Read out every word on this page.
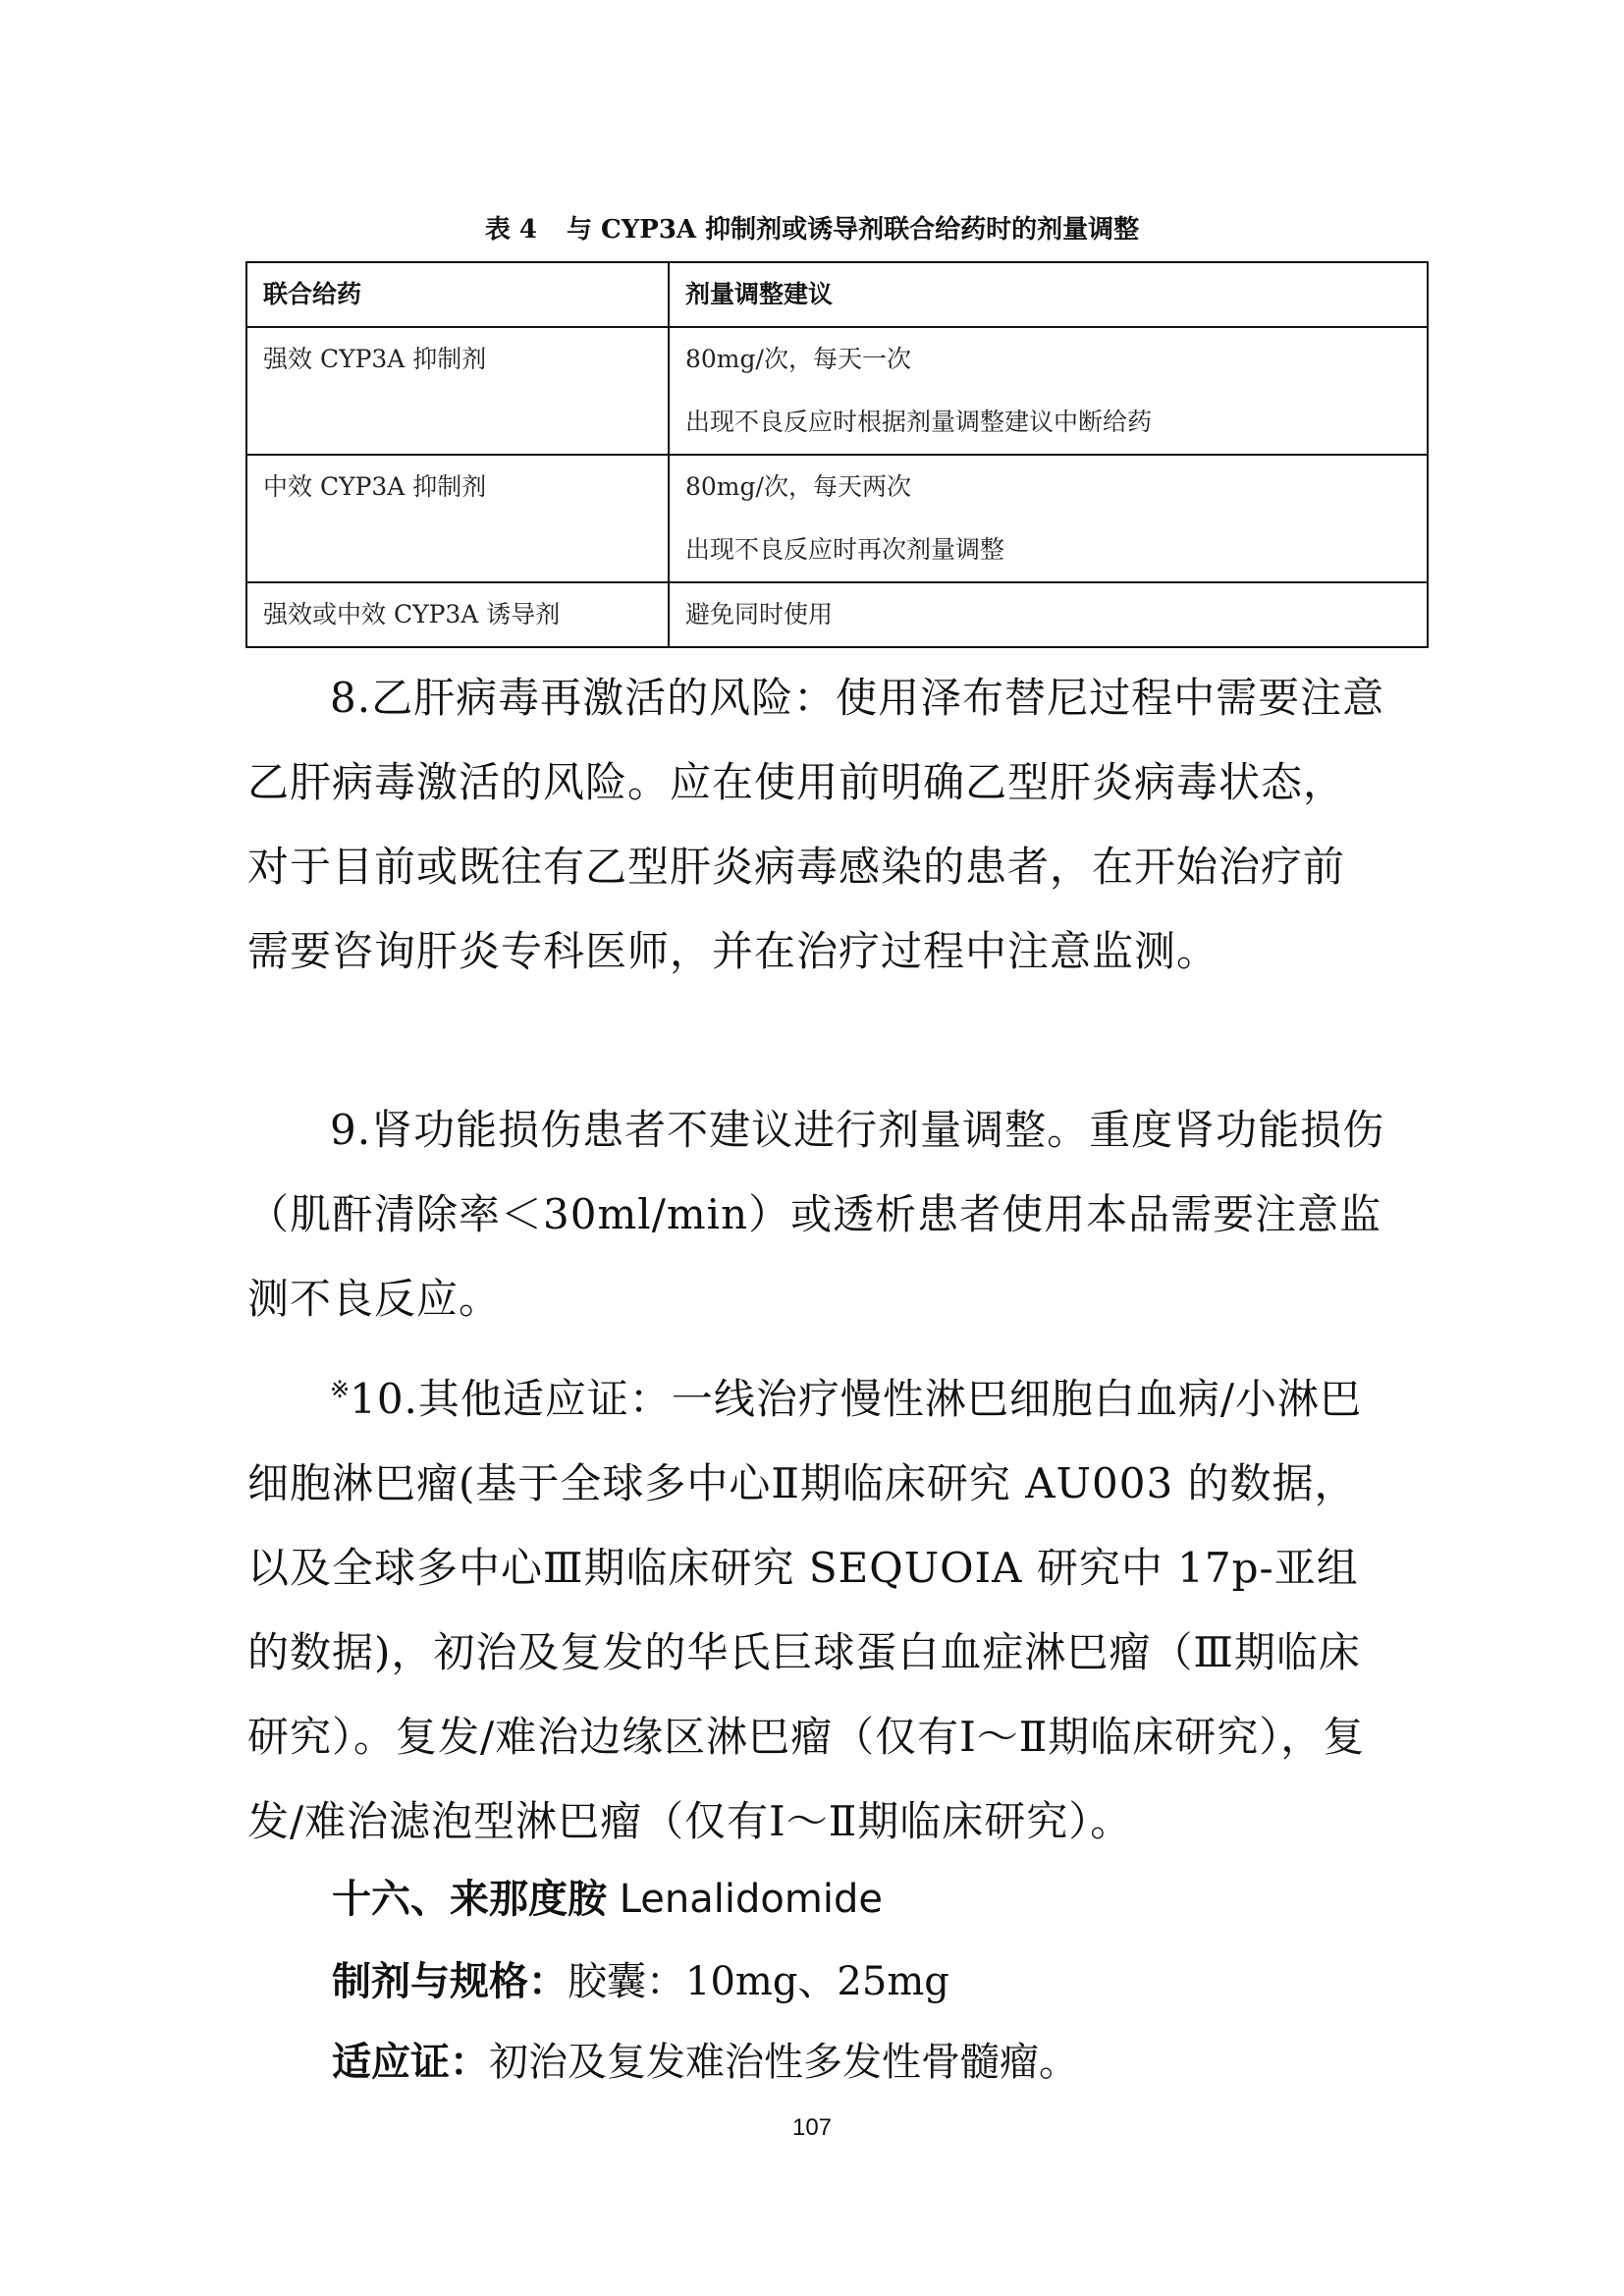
表 4 与 CYP3A 抑制剂或诱导剂联合给药时的剂量调整
联合给药	剂量调整建议
强效 CYP3A 抑制剂	80mg/次，每天一次
出现不良反应时根据剂量调整建议中断给药

中效 CYP3A 抑制剂	80mg/次，每天两次
出现不良反应时再次剂量调整

强效或中效 CYP3A 诱导剂	避免同时使用

8.乙肝病毒再激活的风险：使用泽布替尼过程中需要注意乙肝病毒激活的风险。应在使用前明确乙型肝炎病毒状态，对于目前或既往有乙型肝炎病毒感染的患者，在开始治疗前需要咨询肝炎专科医师，并在治疗过程中注意监测。

9.肾功能损伤患者不建议进行剂量调整。重度肾功能损伤（肌酐清除率＜30ml/min）或透析患者使用本品需要注意监测不良反应。

※10.其他适应证：一线治疗慢性淋巴细胞白血病/小淋巴细胞淋巴瘤(基于全球多中心Ⅱ期临床研究 AU003 的数据，以及全球多中心Ⅲ期临床研究 SEQUOIA 研究中 17p-亚组的数据)，初治及复发的华氏巨球蛋白血症淋巴瘤（Ⅲ期临床研究）。复发/难治边缘区淋巴瘤（仅有Ⅰ～Ⅱ期临床研究），复发/难治滤泡型淋巴瘤（仅有Ⅰ～Ⅱ期临床研究）。

十六、来那度胺 Lenalidomide

制剂与规格：胶囊：10mg、25mg

适应证：初治及复发难治性多发性骨髓瘤。

107
